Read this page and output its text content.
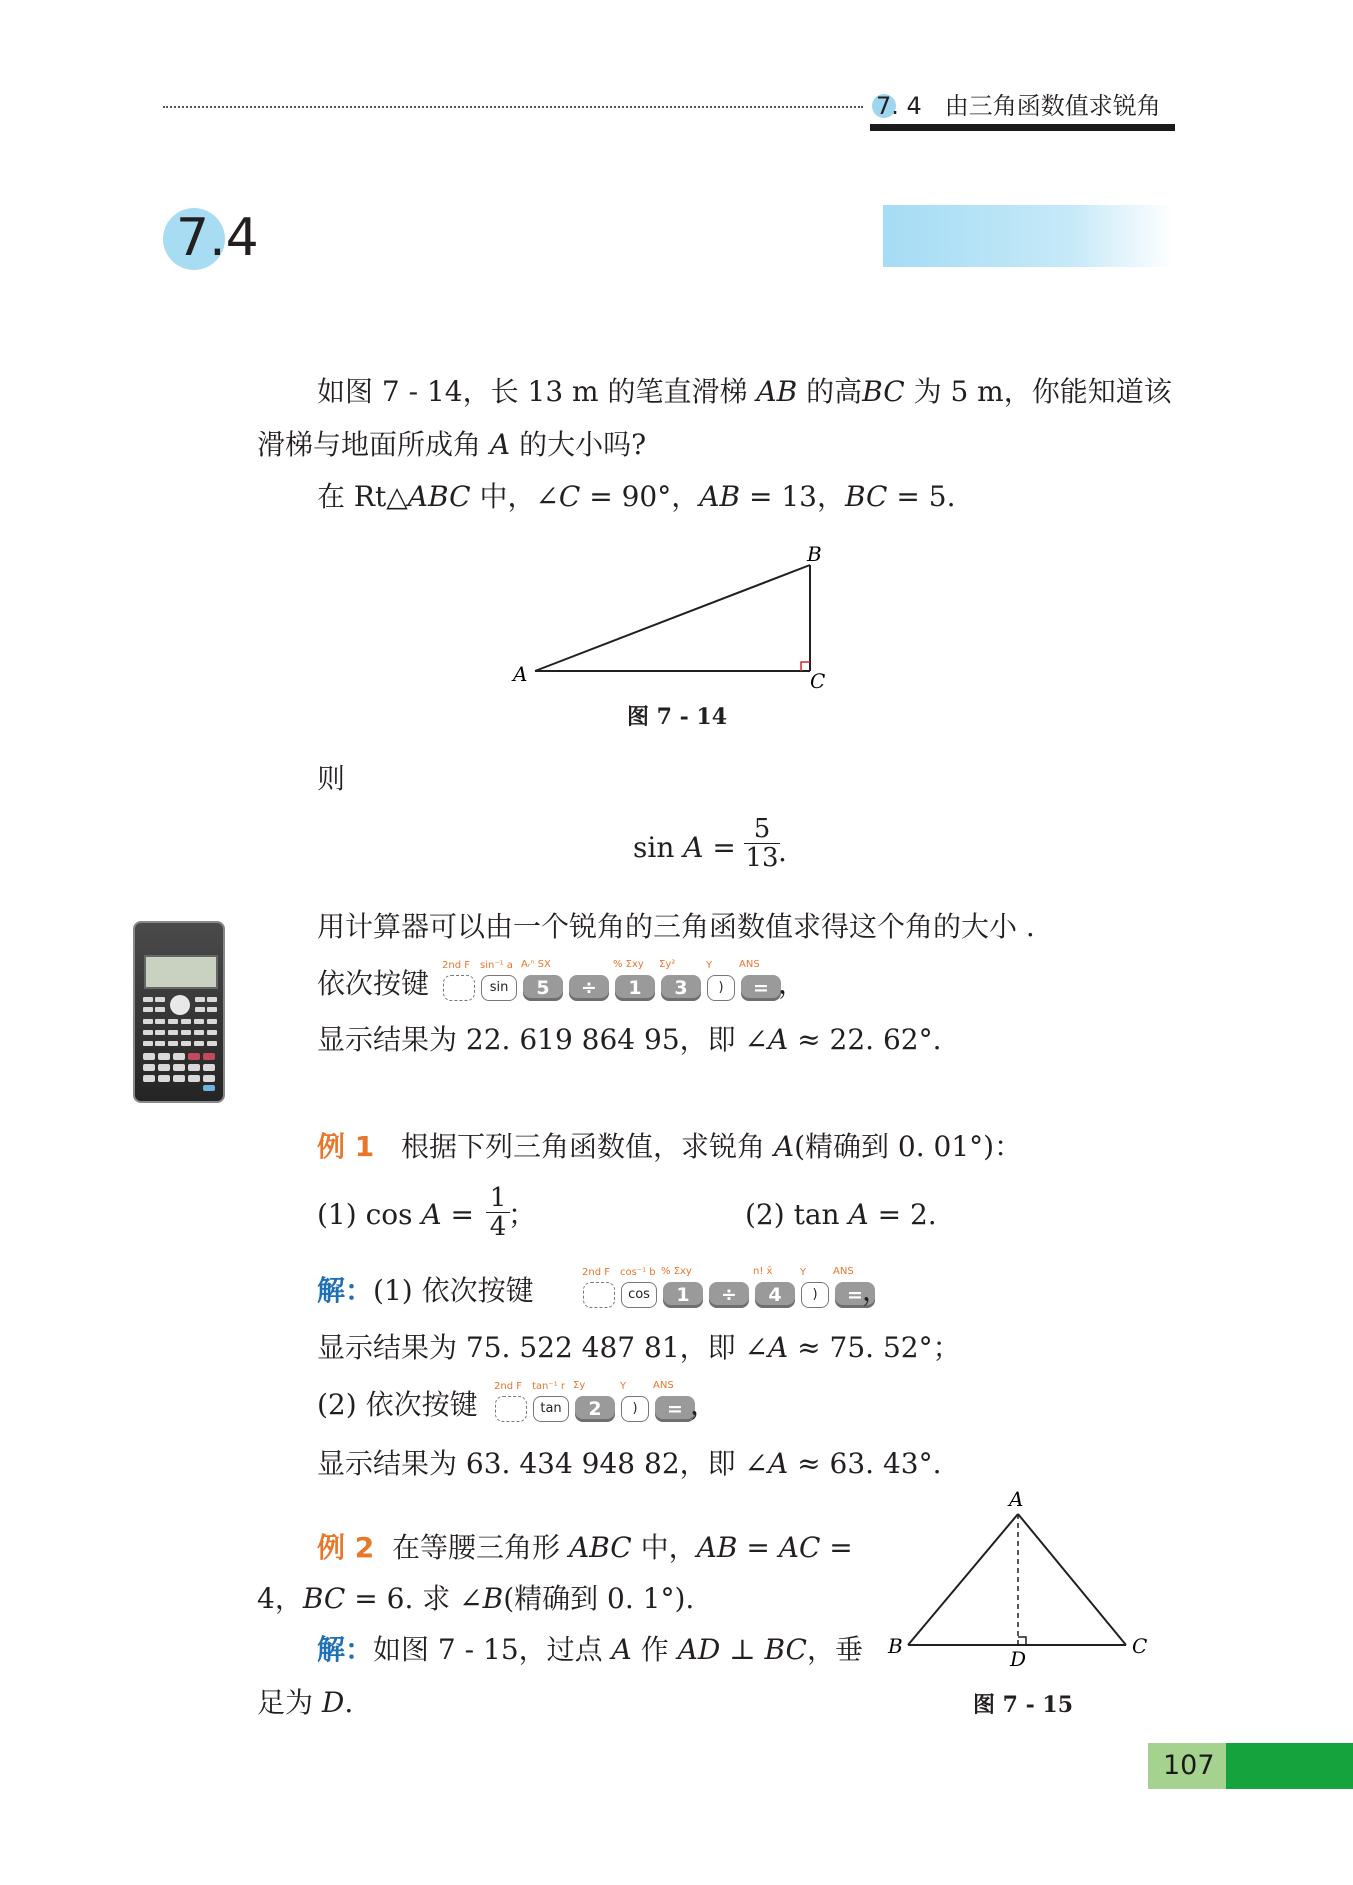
7. 4 由三角函数值求锐角
7.4
如图 7 - 14，长 13 m 的笔直滑梯 AB 的高BC 为 5 m，你能知道该
滑梯与地面所成角 A 的大小吗?
在 Rt△ABC 中，∠C = 90°，AB = 13，BC = 5.
A
B
C
图 7 - 14
则
$\sin A = \frac{5}{13}$
.
用计算器可以由一个锐角的三角函数值求得这个角的大小 .
依次按键
2nd F sin⁻¹ a
sin
Aᵣⁿ SX
5	÷
% Σxy
1
Σy²
3
Y
)
ANS
= ，
显示结果为 22. 619 864 95，即 ∠A ≈ 22. 62°.
例 1 根据下列三角函数值，求锐角 A(精确到 0. 01°)：
(1) $\cos A = \frac{1}{4}$
；	(2) tan A = 2.
解：(1) 依次按键
2nd F cos⁻¹ b
cos
% Σxy
1	÷
n! x̄
4
Y
)
ANS
= ，
显示结果为 75. 522 487 81，即 ∠A ≈ 75. 52°；
(2) 依次按键
2nd F tan⁻¹ r
tan
Σy
2
Y
)
ANS
= ，
显示结果为 63. 434 948 82，即 ∠A ≈ 63. 43°.
例 2 在等腰三角形 ABC 中，AB = AC =
4，BC = 6. 求 ∠B(精确到 0. 1°).
解：如图 7 - 15，过点 A 作 AD ⊥ BC，垂
足为 D.
A
B	C
D
图 7 - 15
107
